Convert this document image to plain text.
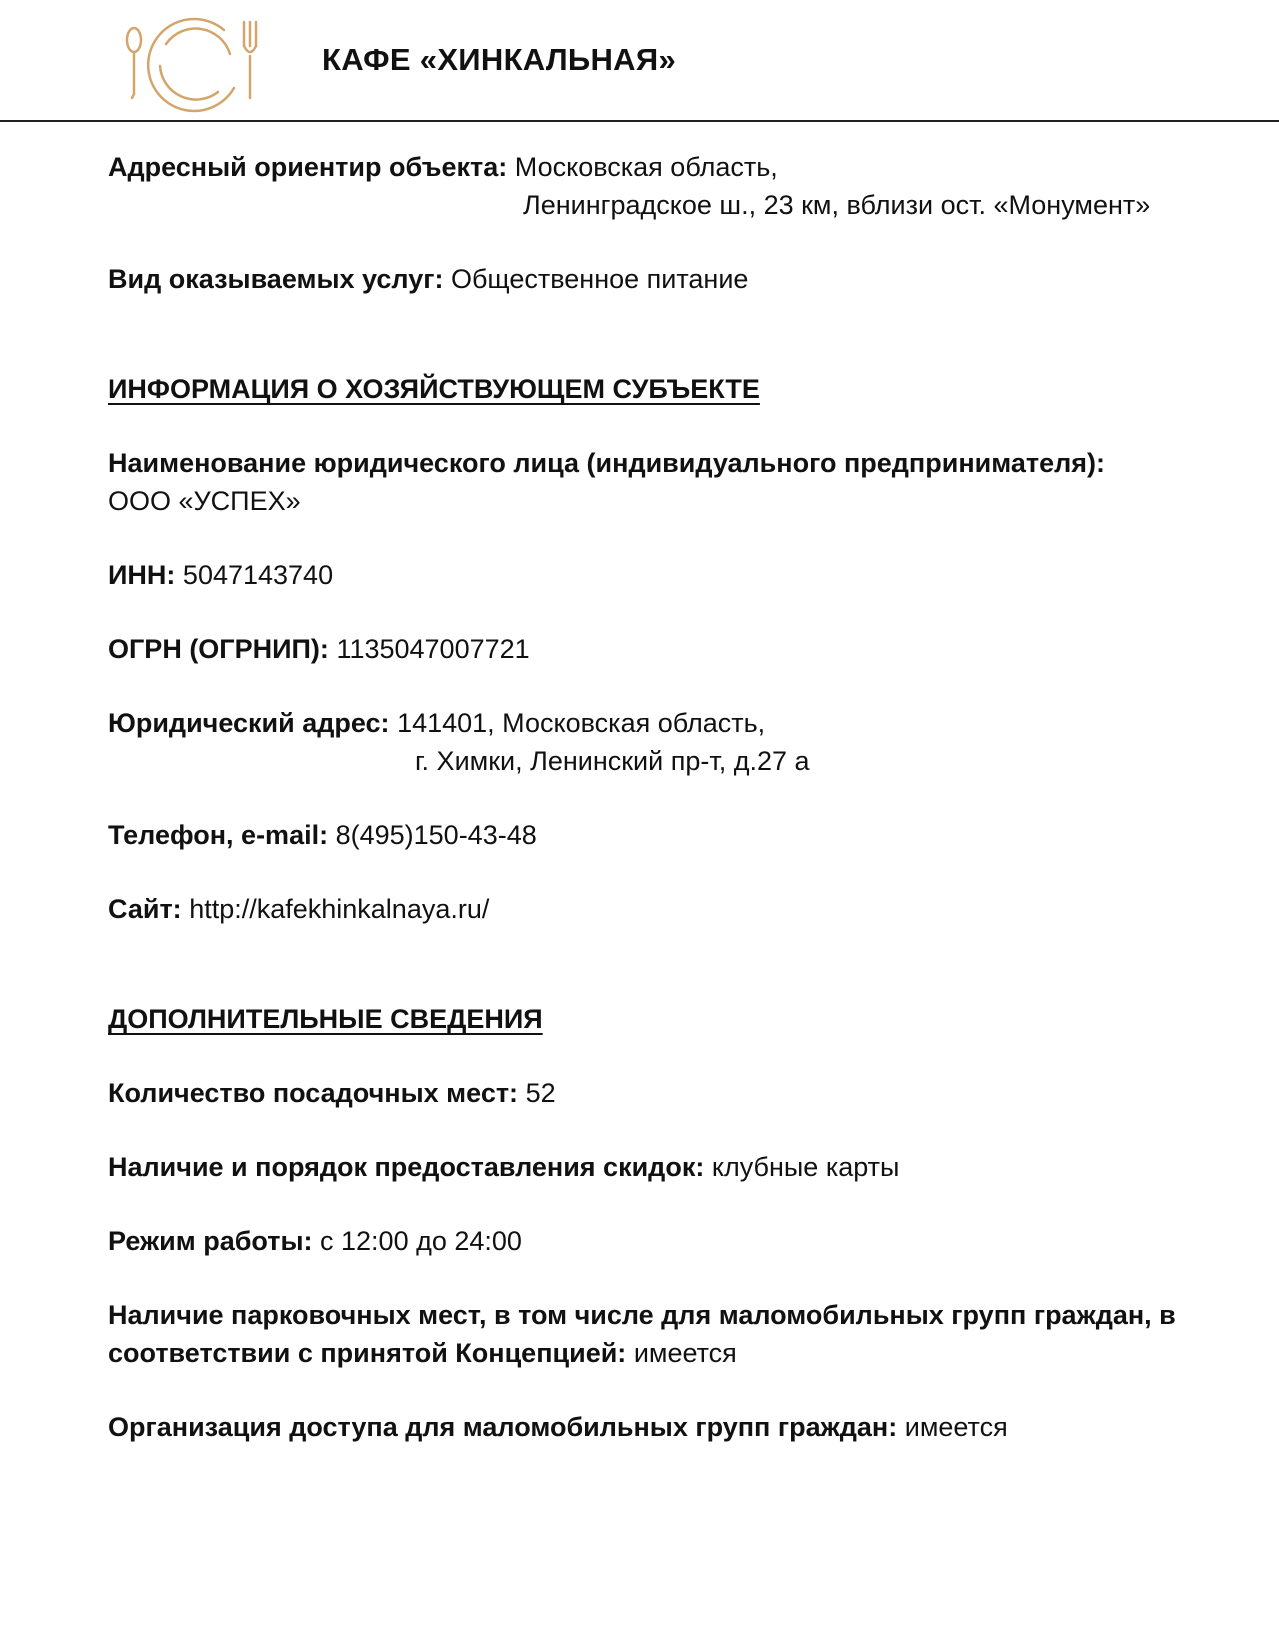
КАФЕ «ХИНКАЛЬНАЯ»

Адресный ориентир объекта: Московская область,

Ленинградское ш., 23 км, вблизи ост. «Монумент»

Вид оказываемых услуг: Общественное питание

ИНФОРМАЦИЯ О ХОЗЯЙСТВУЮЩЕМ СУБЪЕКТЕ

Наименование юридического лица (индивидуального предпринимателя):

ООО «УСПЕХ»

ИНН: 5047143740

ОГРН (ОГРНИП): 1135047007721

Юридический адрес: 141401, Московская область,

г. Химки, Ленинский пр-т, д.27 а

Телефон, e-mail: 8(495)150-43-48

Сайт: http://kafekhinkalnaya.ru/

ДОПОЛНИТЕЛЬНЫЕ СВЕДЕНИЯ

Количество посадочных мест: 52

Наличие и порядок предоставления скидок: клубные карты

Режим работы: с 12:00 до 24:00

Наличие парковочных мест, в том числе для маломобильных групп граждан, в соответствии с принятой Концепцией: имеется

Организация доступа для маломобильных групп граждан: имеется
